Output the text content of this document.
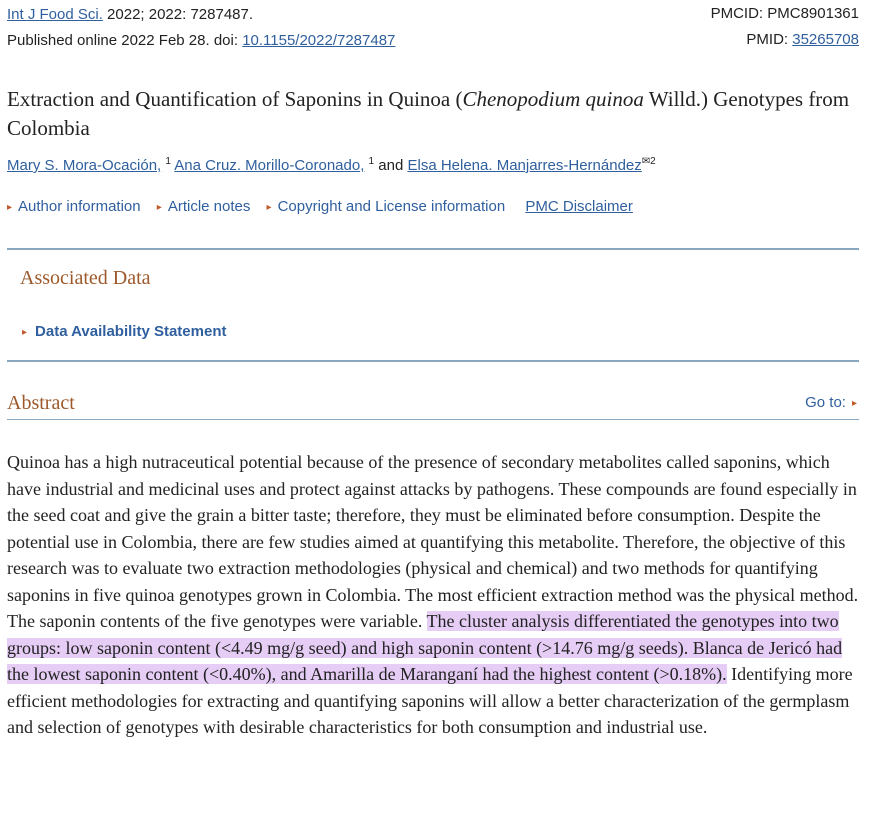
Int J Food Sci. 2022; 2022: 7287487.	PMCID: PMC8901361
Published online 2022 Feb 28. doi: 10.1155/2022/7287487	PMID: 35265708
Extraction and Quantification of Saponins in Quinoa (Chenopodium quinoa Willd.) Genotypes from Colombia
Mary S. Mora-Ocación, $^1$ Ana Cruz. Morillo-Coronado, $^1$ and Elsa Helena. Manjarres-Hernández$^{✉2}$
▸ Author information ▸ Article notes ▸ Copyright and License information PMC Disclaimer
Associated Data
▸ Data Availability Statement
Abstract	Go to: ▸
Quinoa has a high nutraceutical potential because of the presence of secondary metabolites called saponins, which have industrial and medicinal uses and protect against attacks by pathogens. These compounds are found especially in the seed coat and give the grain a bitter taste; therefore, they must be eliminated before consumption. Despite the potential use in Colombia, there are few studies aimed at quantifying this metabolite. Therefore, the objective of this research was to evaluate two extraction methodologies (physical and chemical) and two methods for quantifying saponins in five quinoa genotypes grown in Colombia. The most efficient extraction method was the physical method. The saponin contents of the five genotypes were variable. The cluster analysis differentiated the genotypes into two groups: low saponin content (<4.49 mg/g seed) and high saponin content (>14.76 mg/g seeds). Blanca de Jericó had the lowest saponin content (<0.40%), and Amarilla de Maranganí had the highest content (>0.18%). Identifying more efficient methodologies for extracting and quantifying saponins will allow a better characterization of the germplasm and selection of genotypes with desirable characteristics for both consumption and industrial use.
